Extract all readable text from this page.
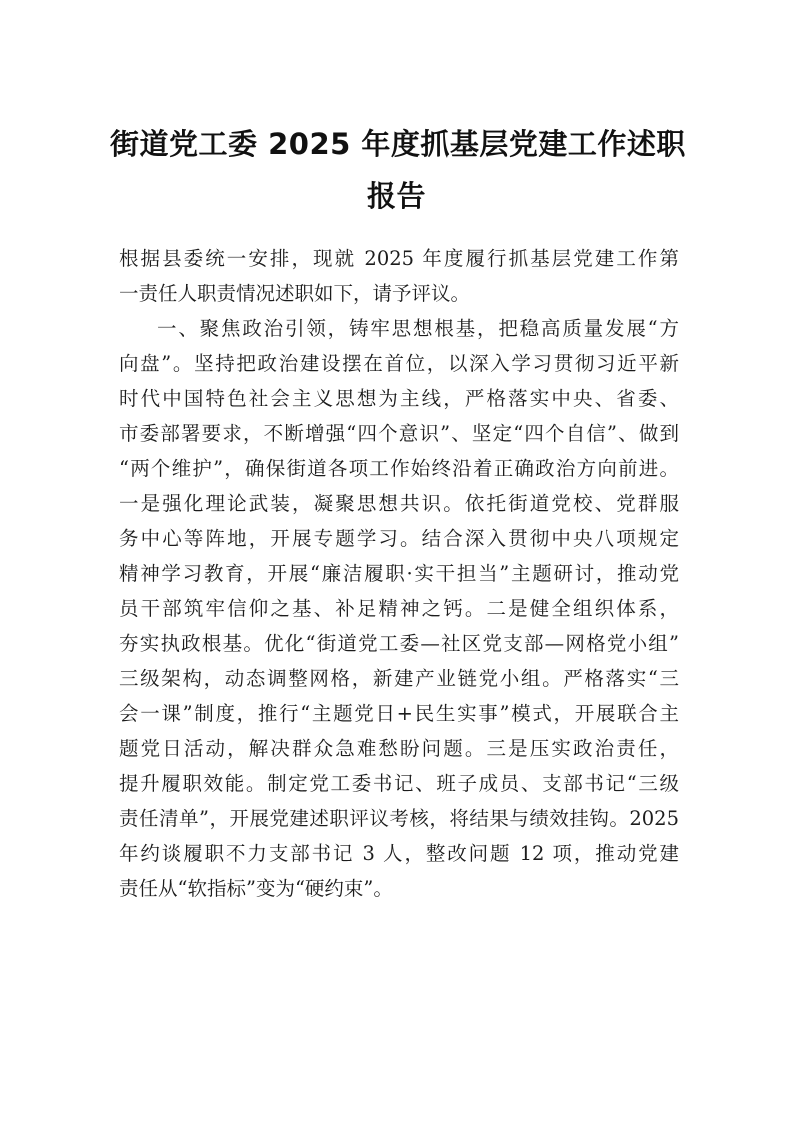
街道党工委 2025 年度抓基层党建工作述职
报告
根据县委统一安排，现就 2025 年度履行抓基层党建工作第
一责任人职责情况述职如下，请予评议。
一、聚焦政治引领，铸牢思想根基，把稳高质量发展“方
向盘”。坚持把政治建设摆在首位，以深入学习贯彻习近平新
时代中国特色社会主义思想为主线，严格落实中央、省委、
市委部署要求，不断增强“四个意识”、坚定“四个自信”、做到
“两个维护”，确保街道各项工作始终沿着正确政治方向前进。
一是强化理论武装，凝聚思想共识。依托街道党校、党群服
务中心等阵地，开展专题学习。结合深入贯彻中央八项规定
精神学习教育，开展“廉洁履职·实干担当”主题研讨，推动党
员干部筑牢信仰之基、补足精神之钙。二是健全组织体系，
夯实执政根基。优化“街道党工委—社区党支部—网格党小组”
三级架构，动态调整网格，新建产业链党小组。严格落实“三
会一课”制度，推行“主题党日+民生实事”模式，开展联合主
题党日活动，解决群众急难愁盼问题。三是压实政治责任，
提升履职效能。制定党工委书记、班子成员、支部书记“三级
责任清单”，开展党建述职评议考核，将结果与绩效挂钩。2025
年约谈履职不力支部书记 3 人，整改问题 12 项，推动党建
责任从“软指标”变为“硬约束”。
